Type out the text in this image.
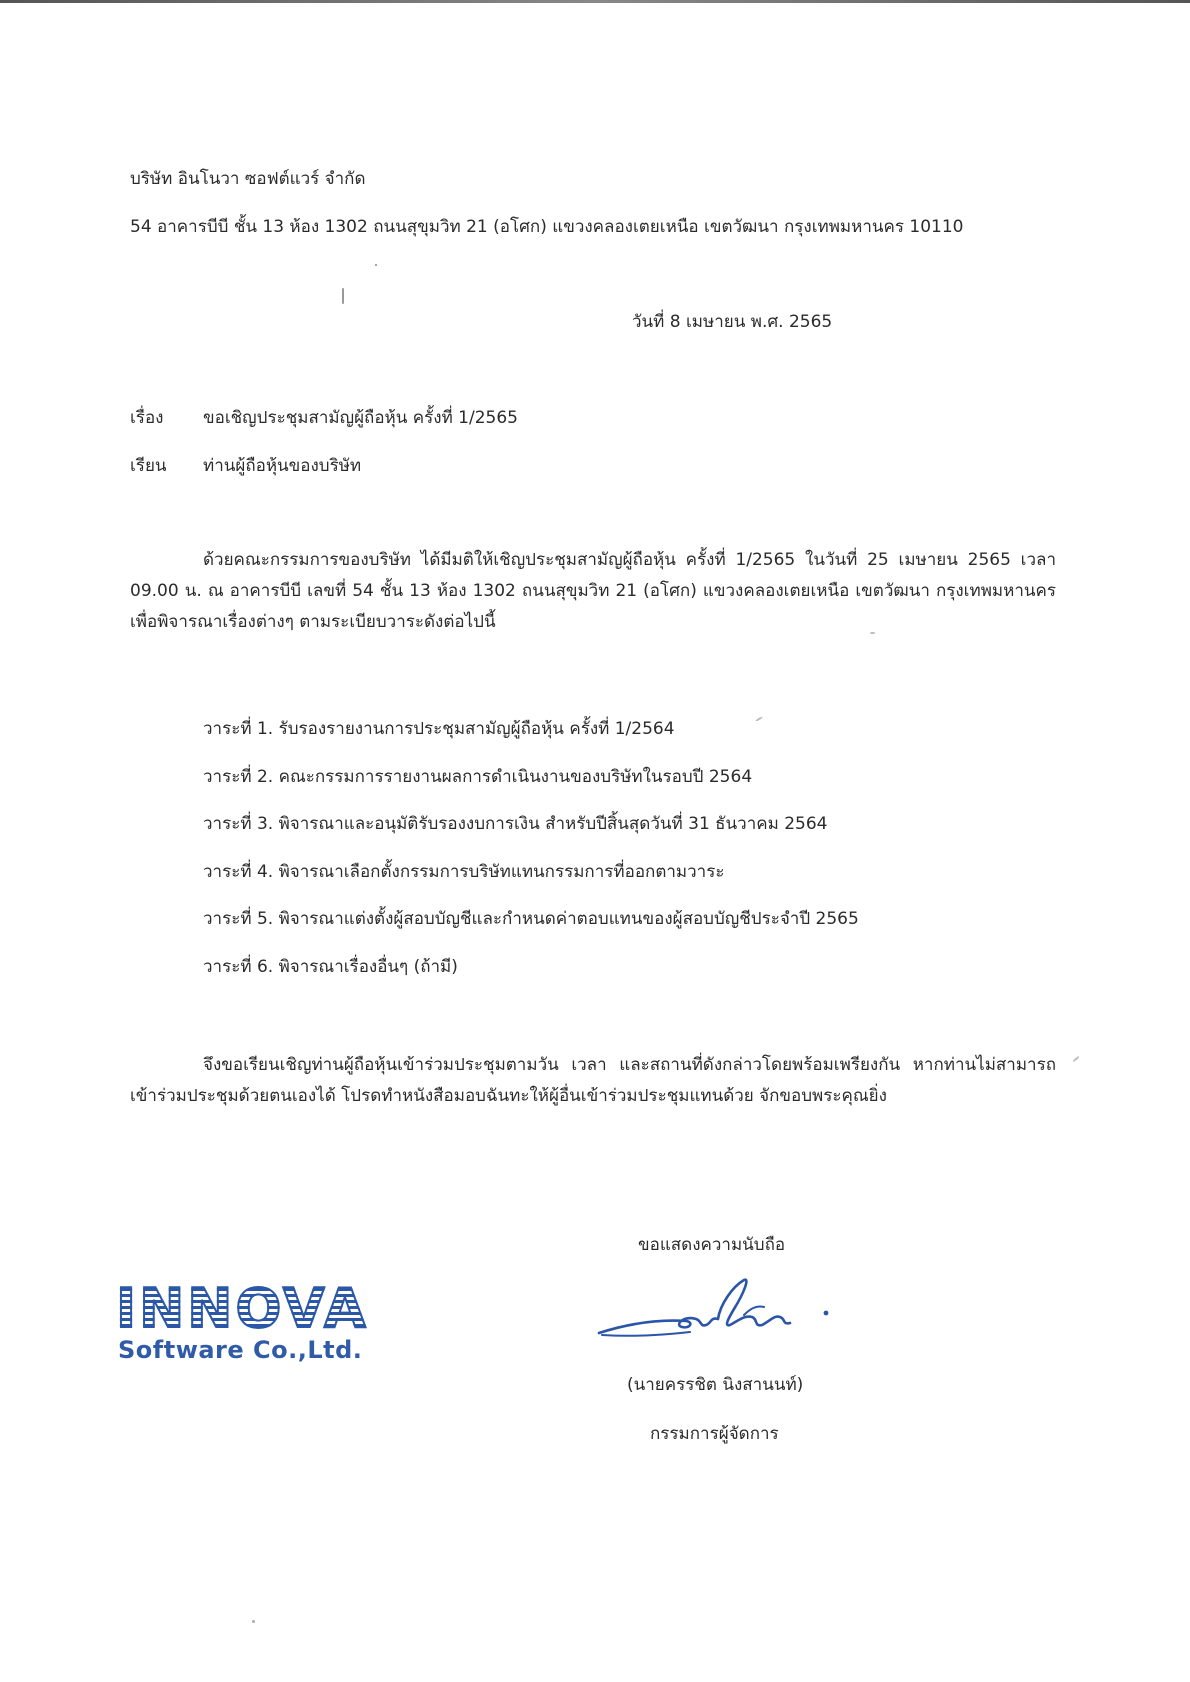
บริษัท อินโนวา ซอฟต์แวร์ จำกัด
54 อาคารบีบี ชั้น 13 ห้อง 1302 ถนนสุขุมวิท 21 (อโศก) แขวงคลองเตยเหนือ เขตวัฒนา กรุงเทพมหานคร 10110
วันที่ 8 เมษายน พ.ศ. 2565
เรื่อง ขอเชิญประชุมสามัญผู้ถือหุ้น ครั้งที่ 1/2565
เรียน ท่านผู้ถือหุ้นของบริษัท
ด้วยคณะกรรมการของบริษัท ได้มีมติให้เชิญประชุมสามัญผู้ถือหุ้น ครั้งที่ 1/2565 ในวันที่ 25 เมษายน 2565 เวลา 09.00 น. ณ อาคารบีบี เลขที่ 54 ชั้น 13 ห้อง 1302 ถนนสุขุมวิท 21 (อโศก) แขวงคลองเตยเหนือ เขตวัฒนา กรุงเทพมหานคร เพื่อพิจารณาเรื่องต่างๆ ตามระเบียบวาระดังต่อไปนี้
วาระที่ 1. รับรองรายงานการประชุมสามัญผู้ถือหุ้น ครั้งที่ 1/2564
วาระที่ 2. คณะกรรมการรายงานผลการดำเนินงานของบริษัทในรอบปี 2564
วาระที่ 3. พิจารณาและอนุมัติรับรองงบการเงิน สำหรับปีสิ้นสุดวันที่ 31 ธันวาคม 2564
วาระที่ 4. พิจารณาเลือกตั้งกรรมการบริษัทแทนกรรมการที่ออกตามวาระ
วาระที่ 5. พิจารณาแต่งตั้งผู้สอบบัญชีและกำหนดค่าตอบแทนของผู้สอบบัญชีประจำปี 2565
วาระที่ 6. พิจารณาเรื่องอื่นๆ (ถ้ามี)
จึงขอเรียนเชิญท่านผู้ถือหุ้นเข้าร่วมประชุมตามวัน เวลา และสถานที่ดังกล่าวโดยพร้อมเพรียงกัน หากท่านไม่สามารถ เข้าร่วมประชุมด้วยตนเองได้ โปรดทำหนังสือมอบฉันทะให้ผู้อื่นเข้าร่วมประชุมแทนด้วย จักขอบพระคุณยิ่ง
ขอแสดงความนับถือ
INNOVA
Software Co.,Ltd.
(นายครรชิต นิงสานนท์)
กรรมการผู้จัดการ
